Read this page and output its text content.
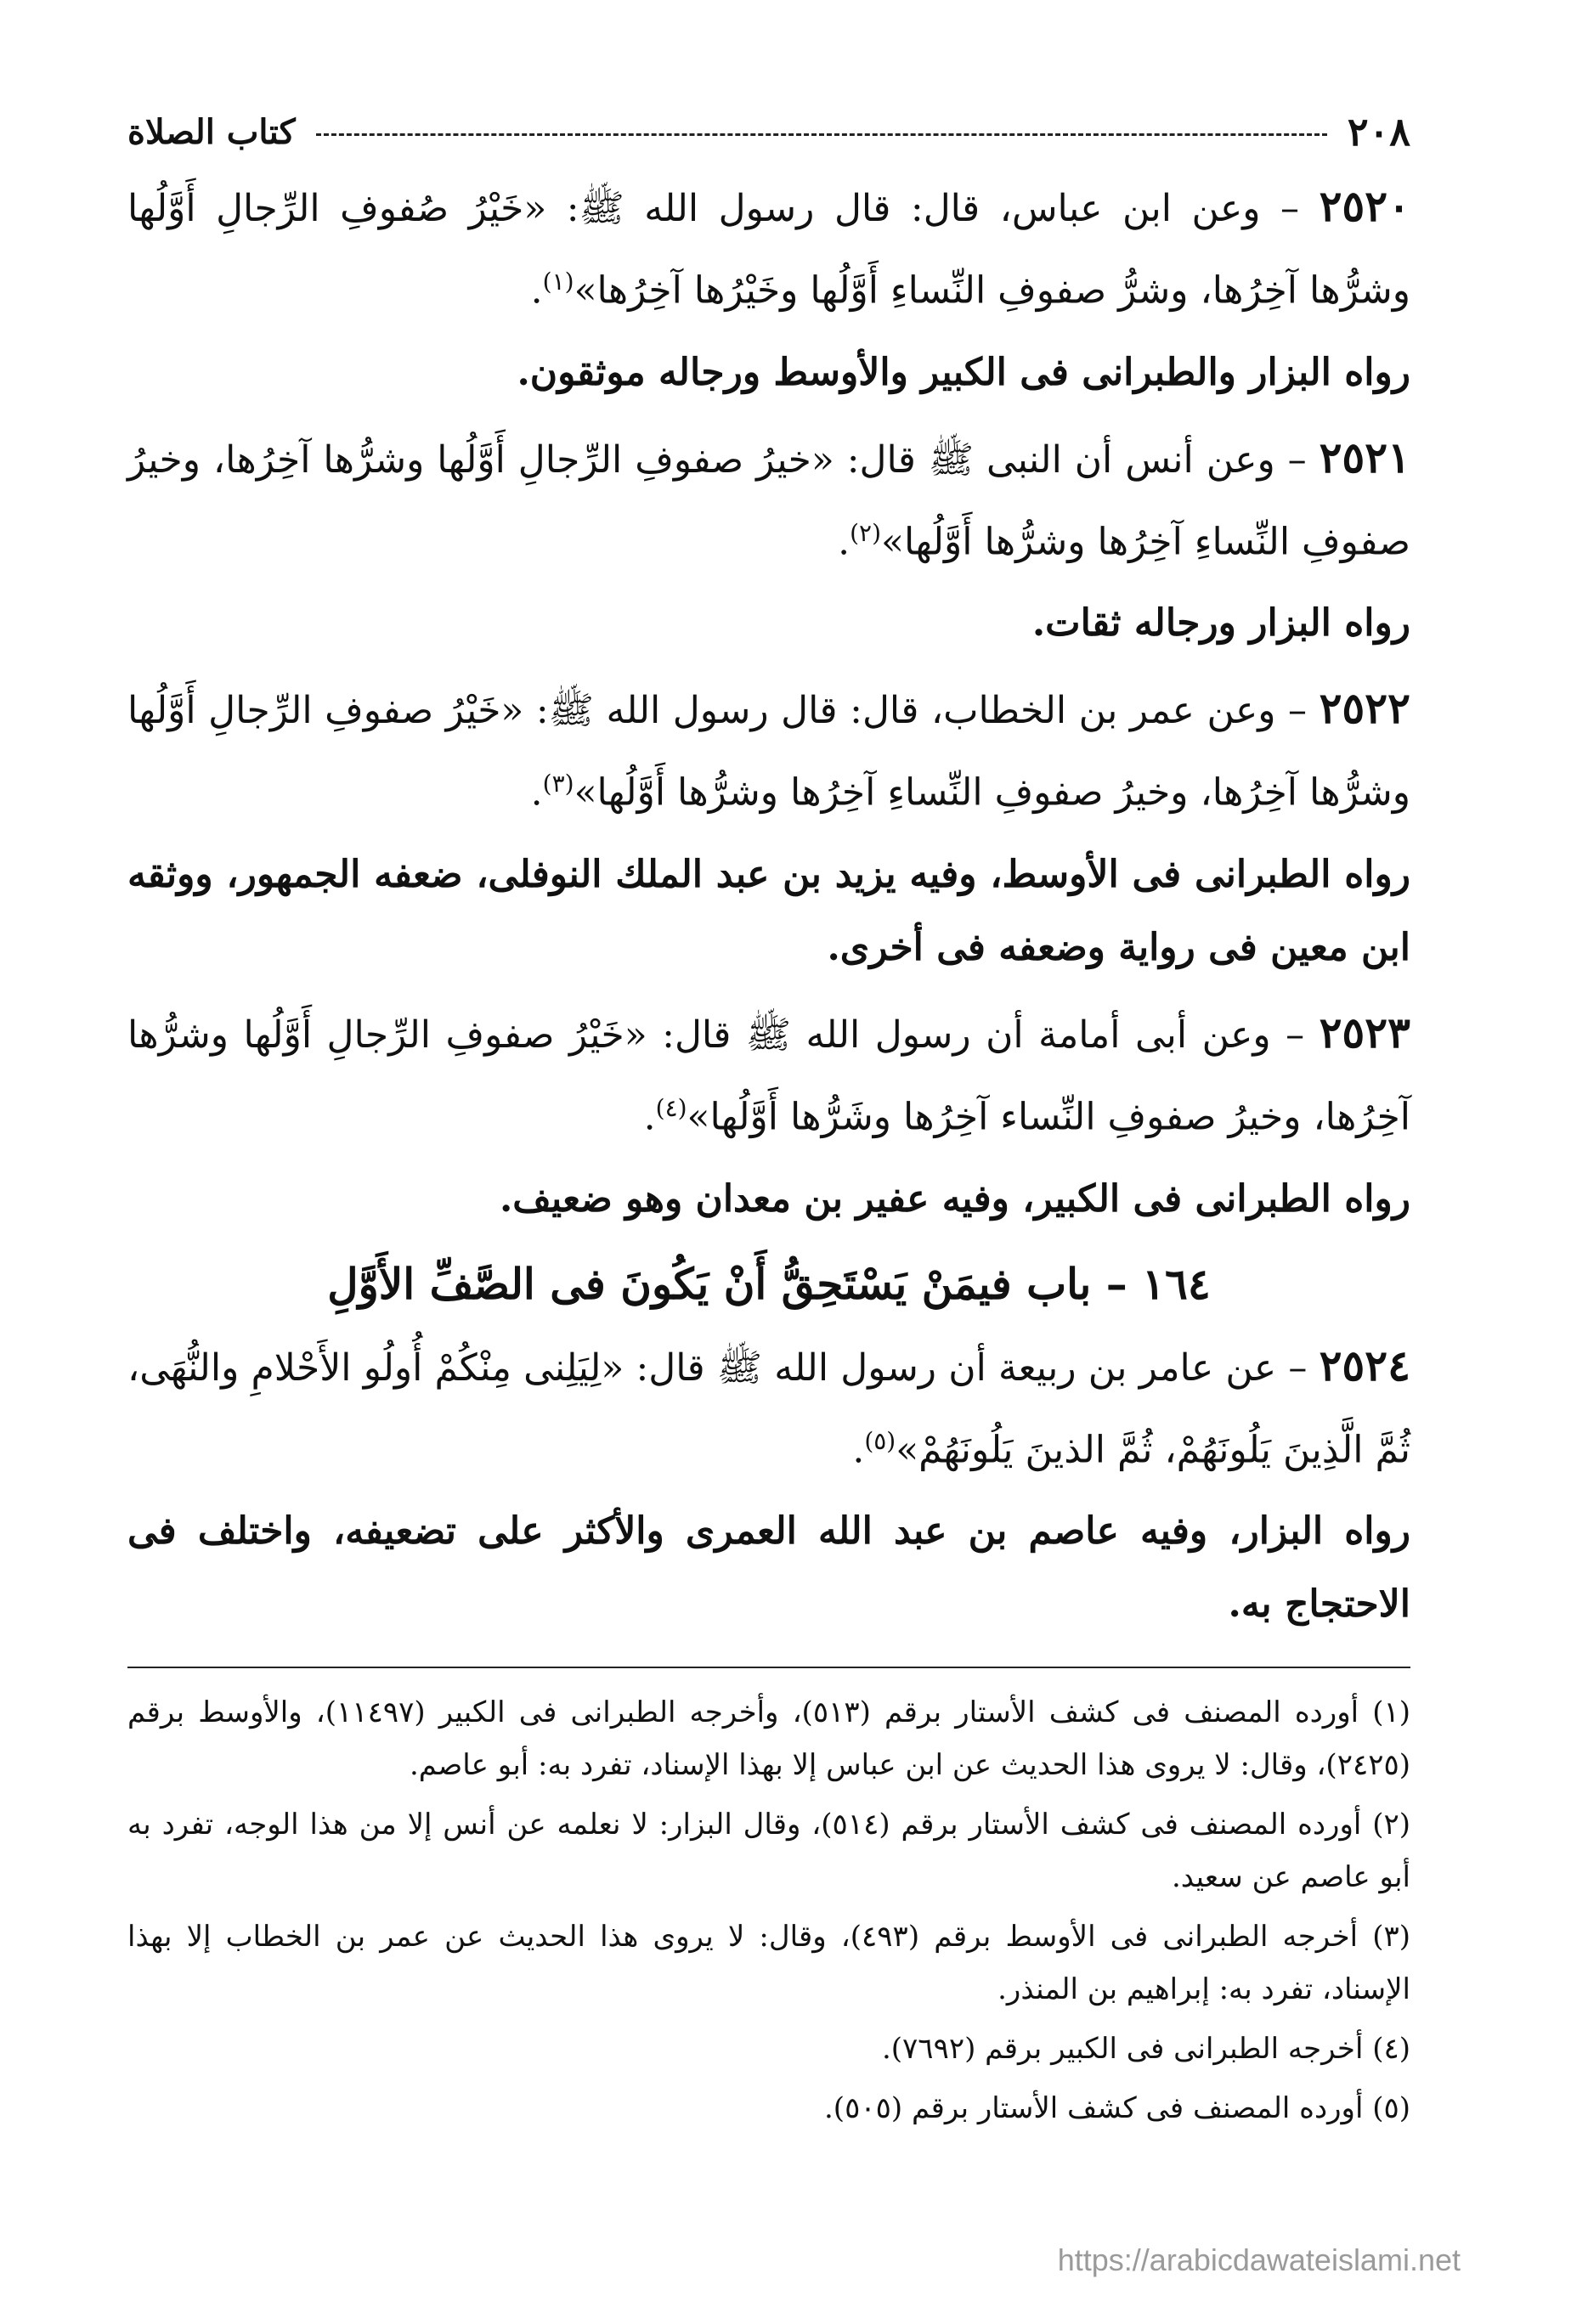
٢٠٨
كتاب الصلاة

٢٥٢٠ – وعن ابن عباس، قال: قال رسول الله ﷺ: «خَيْرُ صُفوفِ الرِّجالِ أَوَّلُها وشرُّها آخِرُها، وشرُّ صفوفِ النِّساءِ أَوَّلُها وخَيْرُها آخِرُها»$^{(١)}$.

رواه البزار والطبرانى فى الكبير والأوسط ورجاله موثقون.

٢٥٢١ – وعن أنس أن النبى ﷺ قال: «خيرُ صفوفِ الرِّجالِ أَوَّلُها وشرُّها آخِرُها، وخيرُ صفوفِ النِّساءِ آخِرُها وشرُّها أَوَّلُها»$^{(٢)}$.

رواه البزار ورجاله ثقات.

٢٥٢٢ – وعن عمر بن الخطاب، قال: قال رسول الله ﷺ: «خَيْرُ صفوفِ الرِّجالِ أَوَّلُها وشرُّها آخِرُها، وخيرُ صفوفِ النِّساءِ آخِرُها وشرُّها أَوَّلُها»$^{(٣)}$.

رواه الطبرانى فى الأوسط، وفيه يزيد بن عبد الملك النوفلى، ضعفه الجمهور، ووثقه ابن معين فى رواية وضعفه فى أخرى.

٢٥٢٣ – وعن أبى أمامة أن رسول الله ﷺ قال: «خَيْرُ صفوفِ الرِّجالِ أَوَّلُها وشرُّها آخِرُها، وخيرُ صفوفِ النِّساء آخِرُها وشَرُّها أَوَّلُها»$^{(٤)}$.

رواه الطبرانى فى الكبير، وفيه عفير بن معدان وهو ضعيف.

١٦٤ – باب فيمَنْ يَسْتَحِقُّ أَنْ يَكُونَ فى الصَّفِّ الأَوَّلِ

٢٥٢٤ – عن عامر بن ربيعة أن رسول الله ﷺ قال: «لِيَلِنى مِنْكُمْ أُولُو الأَحْلامِ والنُّهَى، ثُمَّ الَّذِينَ يَلُونَهُمْ، ثُمَّ الذينَ يَلُونَهُمْ»$^{(٥)}$.

رواه البزار، وفيه عاصم بن عبد الله العمرى والأكثر على تضعيفه، واختلف فى الاحتجاج به.

(١) أورده المصنف فى كشف الأستار برقم (٥١٣)، وأخرجه الطبرانى فى الكبير (١١٤٩٧)، والأوسط برقم (٢٤٢٥)، وقال: لا يروى هذا الحديث عن ابن عباس إلا بهذا الإسناد، تفرد به: أبو عاصم.

(٢) أورده المصنف فى كشف الأستار برقم (٥١٤)، وقال البزار: لا نعلمه عن أنس إلا من هذا الوجه، تفرد به أبو عاصم عن سعيد.

(٣) أخرجه الطبرانى فى الأوسط برقم (٤٩٣)، وقال: لا يروى هذا الحديث عن عمر بن الخطاب إلا بهذا الإسناد، تفرد به: إبراهيم بن المنذر.

(٤) أخرجه الطبرانى فى الكبير برقم (٧٦٩٢).

(٥) أورده المصنف فى كشف الأستار برقم (٥٠٥).

https://arabicdawateislami.net
